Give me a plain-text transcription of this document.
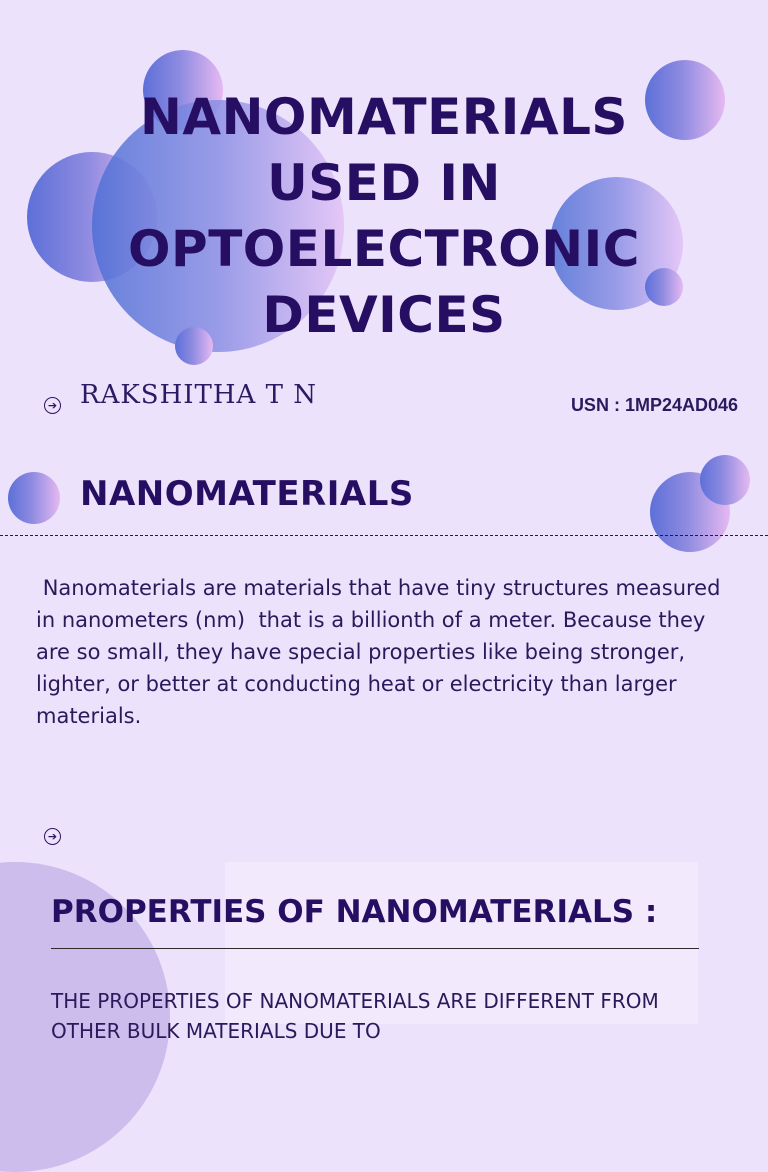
NANOMATERIALS
USED IN
OPTOELECTRONIC
DEVICES
➔ RAKSHITHA T N	USN : 1MP24AD046
NANOMATERIALS
Nanomaterials are materials that have tiny structures measured in nanometers (nm)  that is a billionth of a meter. Because they are so small, they have special properties like being stronger, lighter, or better at conducting heat or electricity than larger materials.
➔
PROPERTIES OF NANOMATERIALS :
THE PROPERTIES OF NANOMATERIALS ARE DIFFERENT FROM OTHER BULK MATERIALS DUE TO
